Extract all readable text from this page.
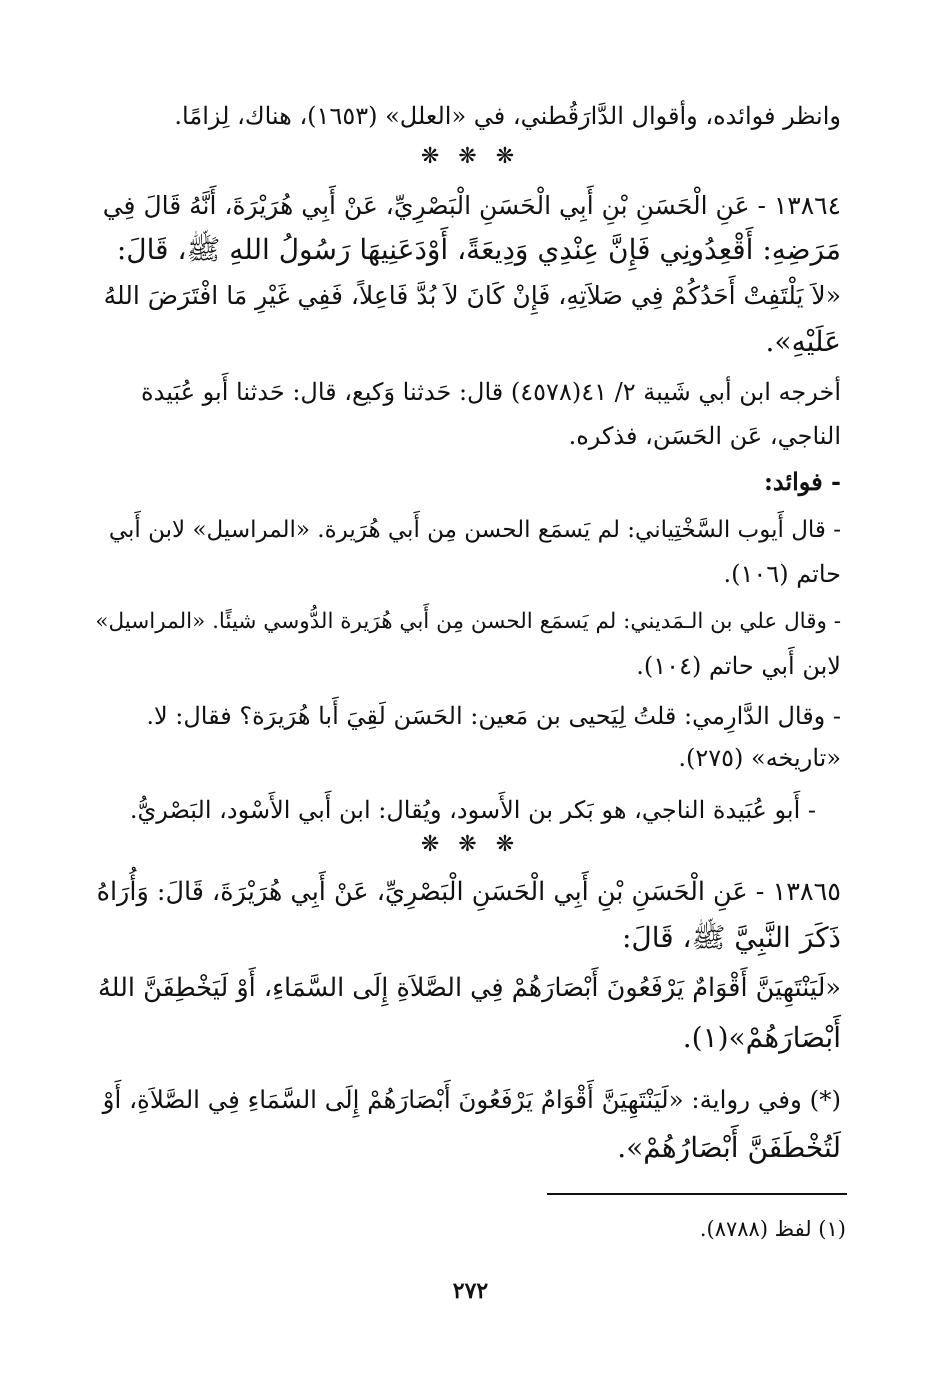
وانظر فوائده، وأقوال الدَّارَقُطني، في «العلل» (١٦٥٣)، هناك، لِزامًا.
❋ ❋ ❋
١٣٨٦٤ - عَنِ الْحَسَنِ بْنِ أَبِي الْحَسَنِ الْبَصْرِيِّ، عَنْ أَبِي هُرَيْرَةَ، أَنَّهُ قَالَ فِي
مَرَضِهِ: أَقْعِدُونِي فَإِنَّ عِنْدِي وَدِيعَةً، أَوْدَعَنِيهَا رَسُولُ اللهِ ﷺ، قَالَ:
«لاَ يَلْتَفِتْ أَحَدُكُمْ فِي صَلاَتِهِ، فَإِنْ كَانَ لاَ بُدَّ فَاعِلاً، فَفِي غَيْرِ مَا افْتَرَضَ اللهُ
عَلَيْهِ».
أخرجه ابن أبي شَيبة ٢/ ٤١(٤٥٧٨) قال: حَدثنا وَكيع، قال: حَدثنا أَبو عُبَيدة
الناجي، عَن الحَسَن، فذكره.
- فوائد:
- قال أَيوب السَّخْتِياني: لم يَسمَع الحسن مِن أَبي هُرَيرة. «المراسيل» لابن أَبي
حاتم (١٠٦).
- وقال علي بن الـمَديني: لم يَسمَع الحسن مِن أَبي هُرَيرة الدُّوسي شيئًا. «المراسيل»
لابن أَبي حاتم (١٠٤).
- وقال الدَّارِمي: قلتُ لِيَحيى بن مَعين: الحَسَن لَقِيَ أَبا هُرَيرَة؟ فقال: لا.
«تاريخه» (٢٧٥).
- أَبو عُبَيدة الناجي، هو بَكر بن الأَسود، ويُقال: ابن أَبي الأَسْود، البَصْريُّ.
❋ ❋ ❋
١٣٨٦٥ - عَنِ الْحَسَنِ بْنِ أَبِي الْحَسَنِ الْبَصْرِيِّ، عَنْ أَبِي هُرَيْرَةَ، قَالَ: وَأُرَاهُ
ذَكَرَ النَّبِيَّ ﷺ، قَالَ:
«لَيَنْتَهِيَنَّ أَقْوَامٌ يَرْفَعُونَ أَبْصَارَهُمْ فِي الصَّلاَةِ إِلَى السَّمَاءِ، أَوْ لَيَخْطِفَنَّ اللهُ
أَبْصَارَهُمْ»(١).
(*) وفي رواية: «لَيَنْتَهِيَنَّ أَقْوَامٌ يَرْفَعُونَ أَبْصَارَهُمْ إِلَى السَّمَاءِ فِي الصَّلاَةِ، أَوْ
لَتُخْطَفَنَّ أَبْصَارُهُمْ».
(١) لفظ (٨٧٨٨).
٢٧٢
